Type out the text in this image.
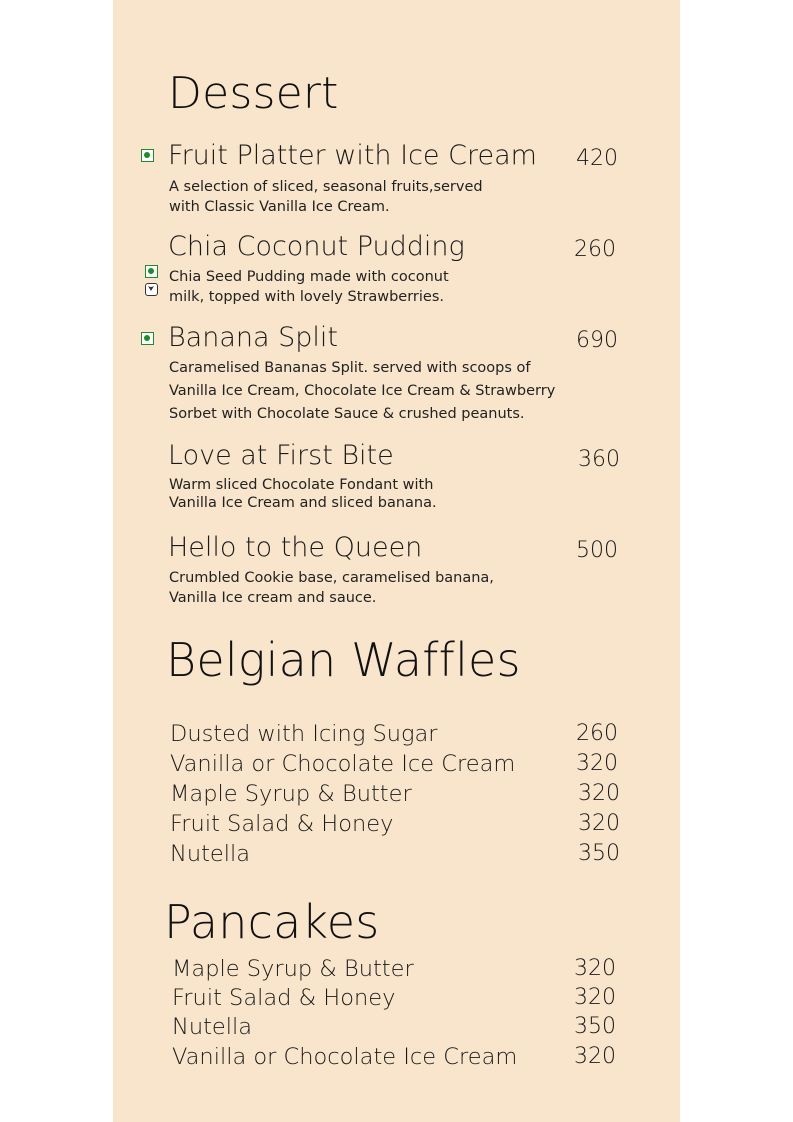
Dessert
Fruit Platter with Ice Cream 420
A selection of sliced, seasonal fruits,served
with Classic Vanilla Ice Cream.
Chia Coconut Pudding	260
Chia Seed Pudding made with coconut
milk, topped with lovely Strawberries.
Banana Split	690
Caramelised Bananas Split. served with scoops of
Vanilla Ice Cream, Chocolate Ice Cream & Strawberry
Sorbet with Chocolate Sauce & crushed peanuts.
Love at First Bite	360
Warm sliced Chocolate Fondant with
Vanilla Ice Cream and sliced banana.
Hello to the Queen	500
Crumbled Cookie base, caramelised banana,
Vanilla Ice cream and sauce.
Belgian Waffles
Dusted with Icing Sugar	260
Vanilla or Chocolate Ice Cream	320
Maple Syrup & Butter	320
Fruit Salad & Honey	320
Nutella	350
Pancakes
Maple Syrup & Butter	320
Fruit Salad & Honey	320
Nutella	350
Vanilla or Chocolate Ice Cream	320
